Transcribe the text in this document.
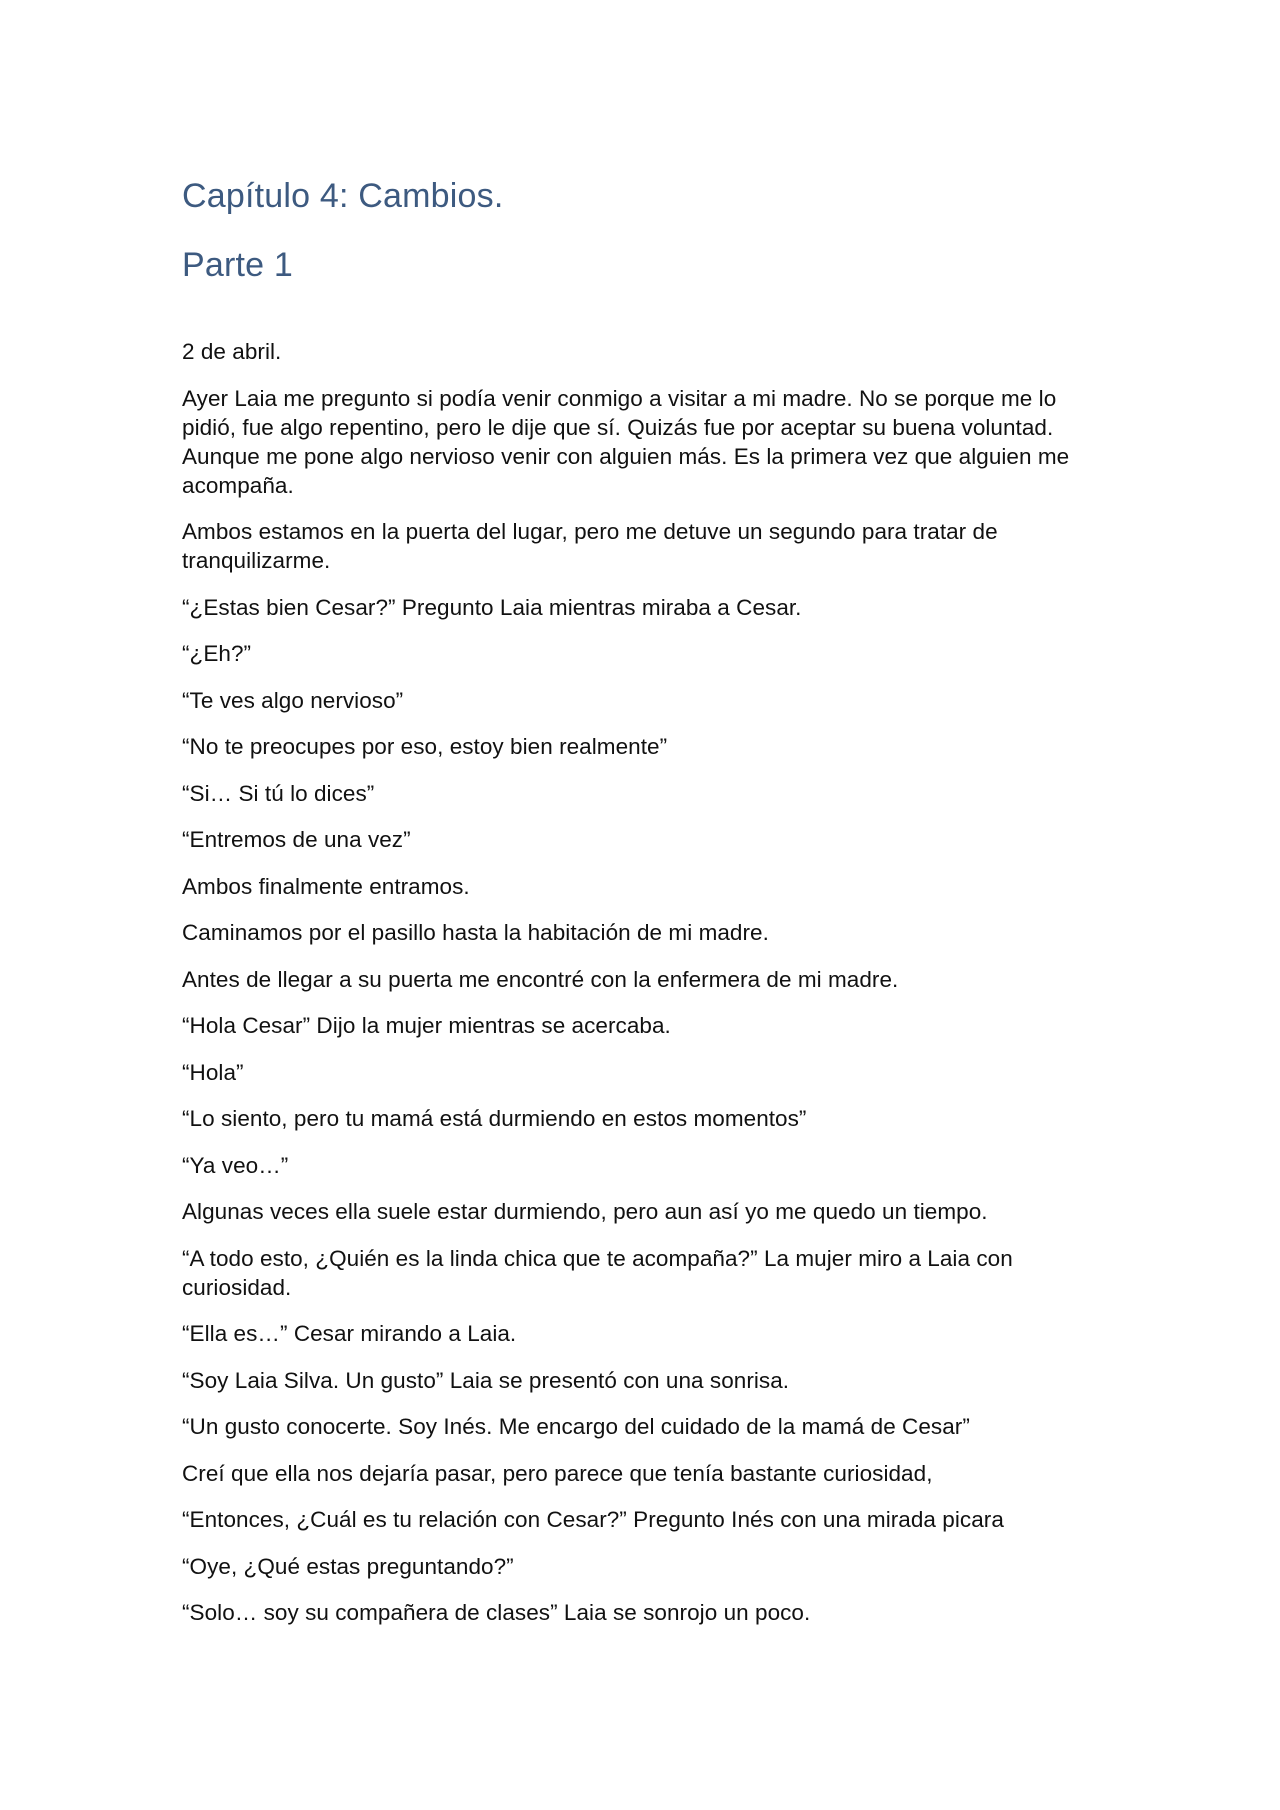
Capítulo 4: Cambios.
Parte 1

2 de abril.

Ayer Laia me pregunto si podía venir conmigo a visitar a mi madre. No se porque me lo pidió, fue algo repentino, pero le dije que sí. Quizás fue por aceptar su buena voluntad. Aunque me pone algo nervioso venir con alguien más. Es la primera vez que alguien me acompaña.

Ambos estamos en la puerta del lugar, pero me detuve un segundo para tratar de tranquilizarme.

“¿Estas bien Cesar?” Pregunto Laia mientras miraba a Cesar.

“¿Eh?”

“Te ves algo nervioso”

“No te preocupes por eso, estoy bien realmente”

“Si… Si tú lo dices”

“Entremos de una vez”

Ambos finalmente entramos.

Caminamos por el pasillo hasta la habitación de mi madre.

Antes de llegar a su puerta me encontré con la enfermera de mi madre.

“Hola Cesar” Dijo la mujer mientras se acercaba.

“Hola”

“Lo siento, pero tu mamá está durmiendo en estos momentos”

“Ya veo…”

Algunas veces ella suele estar durmiendo, pero aun así yo me quedo un tiempo.

“A todo esto, ¿Quién es la linda chica que te acompaña?” La mujer miro a Laia con curiosidad.

“Ella es…” Cesar mirando a Laia.

“Soy Laia Silva. Un gusto” Laia se presentó con una sonrisa.

“Un gusto conocerte. Soy Inés. Me encargo del cuidado de la mamá de Cesar”

Creí que ella nos dejaría pasar, pero parece que tenía bastante curiosidad,

“Entonces, ¿Cuál es tu relación con Cesar?” Pregunto Inés con una mirada picara

“Oye, ¿Qué estas preguntando?”

“Solo… soy su compañera de clases” Laia se sonrojo un poco.
